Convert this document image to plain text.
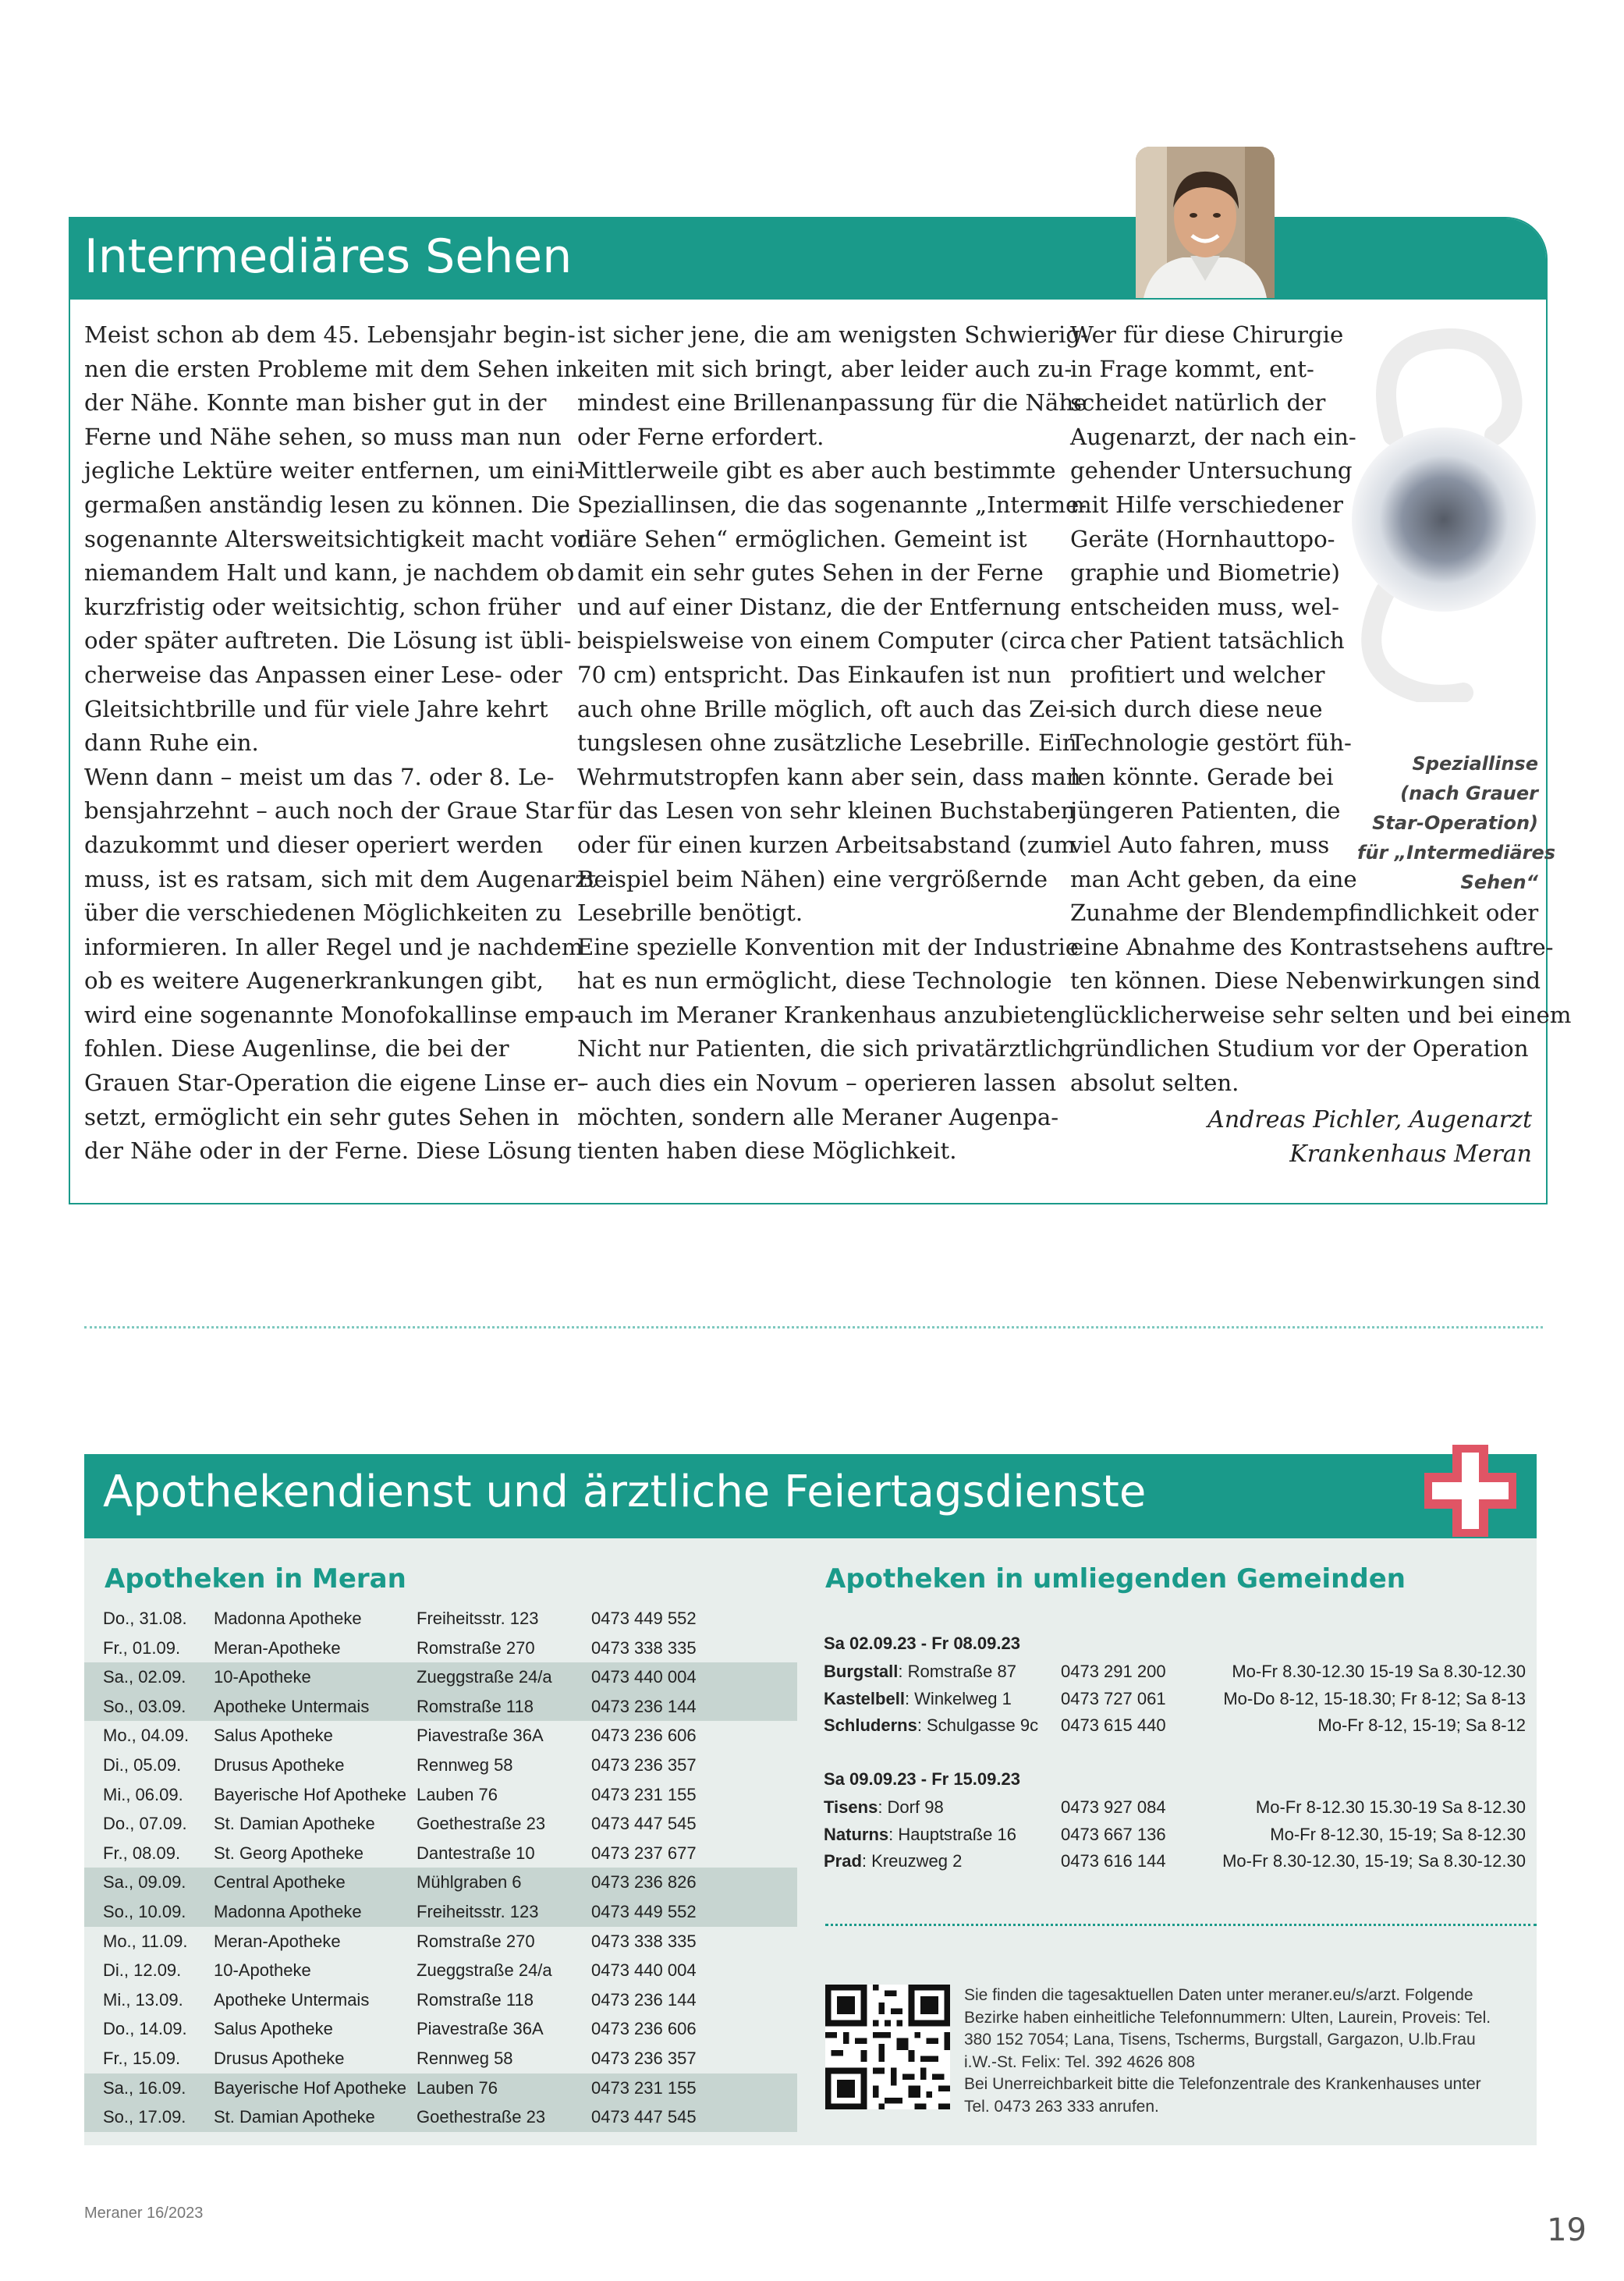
Intermediäres Sehen
Meist schon ab dem 45. Lebensjahr begin-
nen die ersten Probleme mit dem Sehen in
der Nähe. Konnte man bisher gut in der
Ferne und Nähe sehen, so muss man nun
jegliche Lektüre weiter entfernen, um eini-
germaßen anständig lesen zu können. Die
sogenannte Altersweitsichtigkeit macht vor
niemandem Halt und kann, je nachdem ob
kurzfristig oder weitsichtig, schon früher
oder später auftreten. Die Lösung ist übli-
cherweise das Anpassen einer Lese- oder
Gleitsichtbrille und für viele Jahre kehrt
dann Ruhe ein.
Wenn dann – meist um das 7. oder 8. Le-
bensjahrzehnt – auch noch der Graue Star
dazukommt und dieser operiert werden
muss, ist es ratsam, sich mit dem Augenarzt
über die verschiedenen Möglichkeiten zu
informieren. In aller Regel und je nachdem
ob es weitere Augenerkrankungen gibt,
wird eine sogenannte Monofokallinse emp-
fohlen. Diese Augenlinse, die bei der
Grauen Star-Operation die eigene Linse er-
setzt, ermöglicht ein sehr gutes Sehen in
der Nähe oder in der Ferne. Diese Lösung
ist sicher jene, die am wenigsten Schwierig-
keiten mit sich bringt, aber leider auch zu-
mindest eine Brillenanpassung für die Nähe
oder Ferne erfordert.
Mittlerweile gibt es aber auch bestimmte
Speziallinsen, die das sogenannte „Interme-
diäre Sehen“ ermöglichen. Gemeint ist
damit ein sehr gutes Sehen in der Ferne
und auf einer Distanz, die der Entfernung
beispielsweise von einem Computer (circa
70 cm) entspricht. Das Einkaufen ist nun
auch ohne Brille möglich, oft auch das Zei-
tungslesen ohne zusätzliche Lesebrille. Ein
Wehrmutstropfen kann aber sein, dass man
für das Lesen von sehr kleinen Buchstaben
oder für einen kurzen Arbeitsabstand (zum
Beispiel beim Nähen) eine vergrößernde
Lesebrille benötigt.
Eine spezielle Konvention mit der Industrie
hat es nun ermöglicht, diese Technologie
auch im Meraner Krankenhaus anzubieten.
Nicht nur Patienten, die sich privatärztlich
– auch dies ein Novum – operieren lassen
möchten, sondern alle Meraner Augenpa-
tienten haben diese Möglichkeit.
Wer für diese Chirurgie
in Frage kommt, ent-
scheidet natürlich der
Augenarzt, der nach ein-
gehender Untersuchung
mit Hilfe verschiedener
Geräte (Hornhauttopo-
graphie und Biometrie)
entscheiden muss, wel-
cher Patient tatsächlich
profitiert und welcher
sich durch diese neue
Technologie gestört füh-
len könnte. Gerade bei
jüngeren Patienten, die
viel Auto fahren, muss
man Acht geben, da eine
Zunahme der Blendempfindlichkeit oder
eine Abnahme des Kontrastsehens auftre-
ten können. Diese Nebenwirkungen sind
glücklicherweise sehr selten und bei einem
gründlichen Studium vor der Operation
absolut selten.
Speziallinse
(nach Grauer
Star-Operation)
für „Intermediäres
Sehen“
Andreas Pichler, Augenarzt
Krankenhaus Meran
Apothekendienst und ärztliche Feiertagsdienste
Apotheken in Meran	Apotheken in umliegenden Gemeinden
Do., 31.08. Madonna Apotheke	Freiheitsstr. 123	0473 449 552
Fr., 01.09. Meran-Apotheke	Romstraße 270	0473 338 335
Sa., 02.09. 10-Apotheke	Zueggstraße 24/a 0473 440 004
So., 03.09. Apotheke Untermais	Romstraße 118	0473 236 144
Mo., 04.09. Salus Apotheke	Piavestraße 36A	0473 236 606
Di., 05.09. Drusus Apotheke	Rennweg 58	0473 236 357
Mi., 06.09. Bayerische Hof Apotheke Lauben 76	0473 231 155
Do., 07.09. St. Damian Apotheke Goethestraße 23	0473 447 545
Fr., 08.09. St. Georg Apotheke	Dantestraße 10	0473 237 677
Sa., 09.09. Central Apotheke	Mühlgraben 6	0473 236 826
So., 10.09. Madonna Apotheke	Freiheitsstr. 123	0473 449 552
Mo., 11.09. Meran-Apotheke	Romstraße 270	0473 338 335
Di., 12.09. 10-Apotheke	Zueggstraße 24/a 0473 440 004
Mi., 13.09. Apotheke Untermais	Romstraße 118	0473 236 144
Do., 14.09. Salus Apotheke	Piavestraße 36A	0473 236 606
Fr., 15.09. Drusus Apotheke	Rennweg 58	0473 236 357
Sa., 16.09. Bayerische Hof Apotheke Lauben 76	0473 231 155
So., 17.09. St. Damian Apotheke Goethestraße 23	0473 447 545
Sa 02.09.23 - Fr 08.09.23
Burgstall: Romstraße 87	0473 291 200	Mo-Fr 8.30-12.30 15-19 Sa 8.30-12.30
Kastelbell: Winkelweg 1	0473 727 061	Mo-Do 8-12, 15-18.30; Fr 8-12; Sa 8-13
Schluderns: Schulgasse 9c 0473 615 440	Mo-Fr 8-12, 15-19; Sa 8-12
Sa 09.09.23 - Fr 15.09.23
Tisens: Dorf 98	0473 927 084	Mo-Fr 8-12.30 15.30-19 Sa 8-12.30
Naturns: Hauptstraße 16	0473 667 136	Mo-Fr 8-12.30, 15-19; Sa 8-12.30
Prad: Kreuzweg 2	0473 616 144	Mo-Fr 8.30-12.30, 15-19; Sa 8.30-12.30

Sie finden die tagesaktuellen Daten unter meraner.eu/s/arzt. Folgende Bezirke haben einheitliche Telefonnummern: Ulten, Laurein, Proveis: Tel. 380 152 7054; Lana, Tisens, Tscherms, Burgstall, Gargazon, U.lb.Frau i.W.-St. Felix: Tel. 392 4626 808

Bei Unerreichbarkeit bitte die Telefonzentrale des Krankenhauses unter Tel. 0473 263 333 anrufen.

Meraner 16/2023	19
